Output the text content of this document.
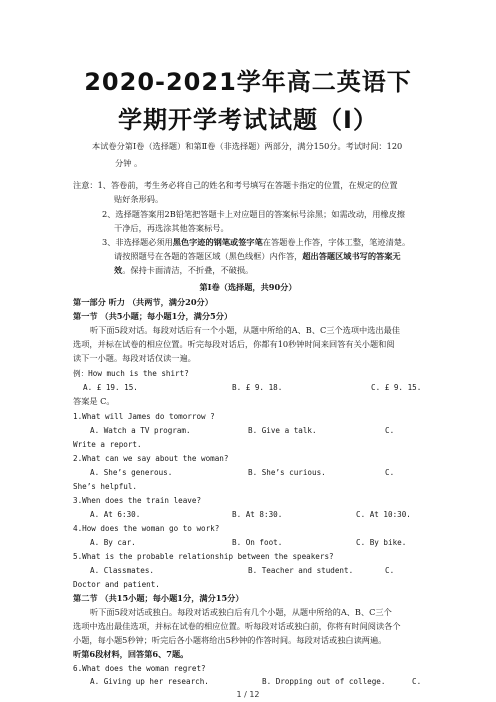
2020-2021学年高二英语下
学期开学考试试题（I）
本试卷分第Ⅰ卷（选择题）和第Ⅱ卷（非选择题）两部分，满分150分。考试时间：120
分钟 。
注意：1、答卷前，考生务必将自己的姓名和考号填写在答题卡指定的位置，在规定的位置
贴好条形码。
2、选择题答案用2B铅笔把答题卡上对应题目的答案标号涂黑；如需改动，用橡皮擦
干净后，再选涂其他答案标号。
3、非选择题必须用黑色字迹的钢笔或签字笔在答题卷上作答，字体工整，笔迹清楚。
请按照题号在各题的答题区域（黑色线框）内作答，超出答题区域书写的答案无
效。保持卡面清洁，不折叠，不破损。
第Ⅰ卷（选择题，共90分）
第一部分 听力 （共两节，满分20分）
第一节 （共5小题；每小题1分，满分5分）
听下面5段对话。每段对话后有一个小题，从题中所给的A、B、C三个选项中选出最佳
选项，并标在试卷的相应位置。听完每段对话后，你都有10秒钟时间来回答有关小题和阅
读下一小题。每段对话仅读一遍。
例：How much is the shirt?
A. £ 19. 15.	B. £ 9. 18.	C. £ 9. 15.
答案是 C。
1.What will James do tomorrow ?
A. Watch a TV program.	B. Give a talk.	C.
Write a report.
2.What can we say about the woman?
A. She’s generous.	B. She’s curious.	C.
She’s helpful.
3.When does the train leave?
A. At 6:30.	B. At 8:30.	C. At 10:30.
4.How does the woman go to work?
A. By car.	B. On foot.	C. By bike.
5.What is the probable relationship between the speakers?
A. Classmates.	B. Teacher and student.	C.
Doctor and patient.
第二节 （共15小题；每小题1分，满分15分）
听下面5段对话或独白。每段对话或独白后有几个小题，从题中所给的A、B、C三个
选项中选出最佳选项，并标在试卷的相应位置。听每段对话或独白前，你将有时间阅读各个
小题，每小题5秒钟；听完后各小题将给出5秒钟的作答时间。每段对话或独白读两遍。
听第6段材料，回答第6、7题。
6.What does the woman regret?
A. Giving up her research.	B. Dropping out of college.	C.
1 / 12
